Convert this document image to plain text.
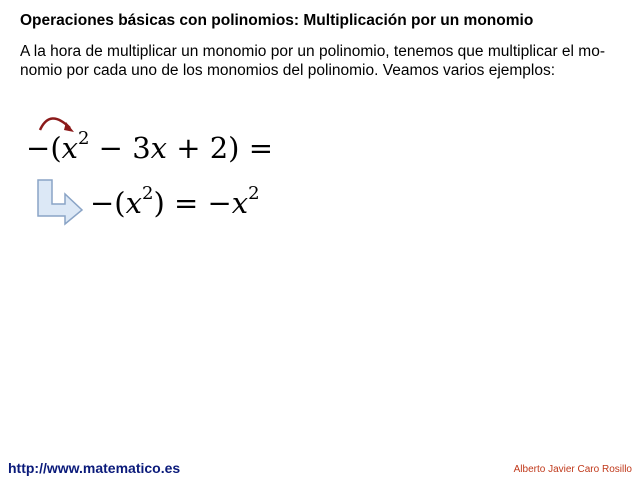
Operaciones básicas con polinomios: Multiplicación por un monomio
A la hora de multiplicar un monomio por un polinomio, tenemos que multiplicar el mo-
nomio por cada uno de los monomios del polinomio. Veamos varios ejemplos:
$-(x^2 - 3x + 2)$ =
$-(x^2) = -x^2$
http://www.matematico.es	Alberto Javier Caro Rosillo
